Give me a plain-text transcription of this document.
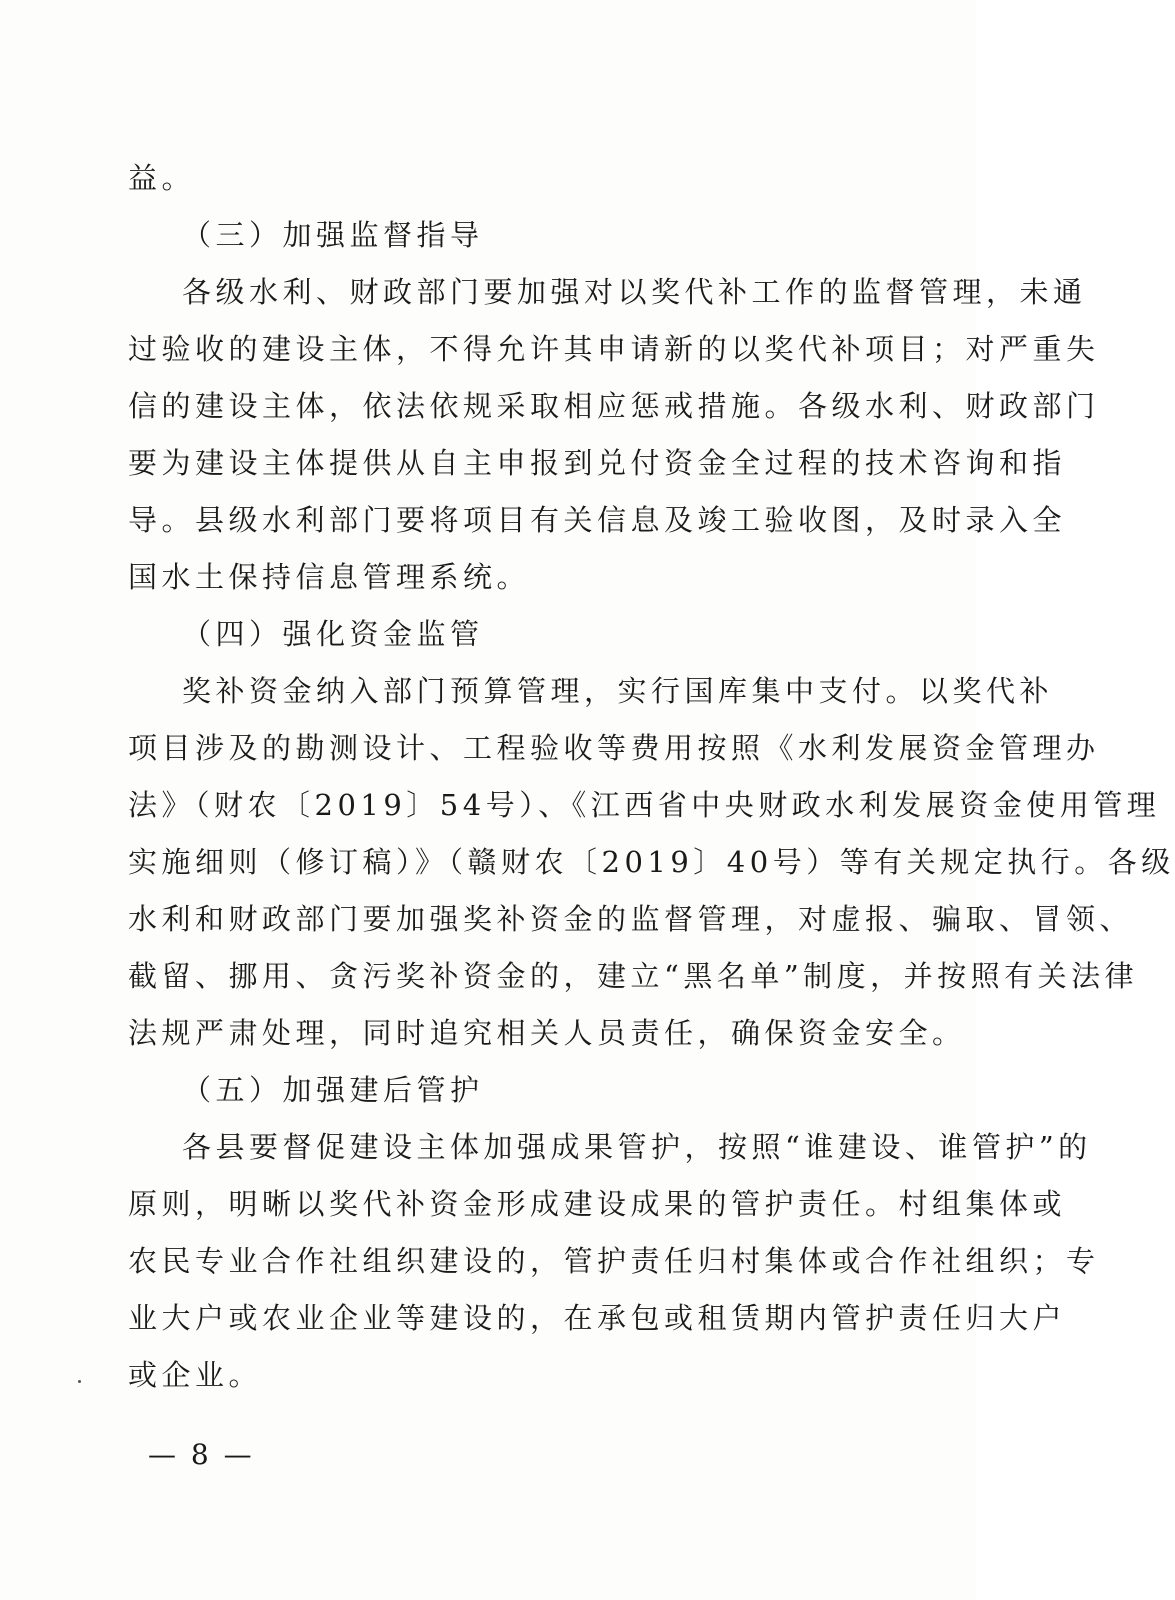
益。
（三）加强监督指导
各级水利、财政部门要加强对以奖代补工作的监督管理，未通
过验收的建设主体，不得允许其申请新的以奖代补项目；对严重失
信的建设主体，依法依规采取相应惩戒措施。各级水利、财政部门
要为建设主体提供从自主申报到兑付资金全过程的技术咨询和指
导。县级水利部门要将项目有关信息及竣工验收图，及时录入全
国水土保持信息管理系统。
（四）强化资金监管
奖补资金纳入部门预算管理，实行国库集中支付。以奖代补
项目涉及的勘测设计、工程验收等费用按照《水利发展资金管理办
法》（财农〔2019〕54号）、《江西省中央财政水利发展资金使用管理
实施细则（修订稿）》（赣财农〔2019〕40号）等有关规定执行。各级
水利和财政部门要加强奖补资金的监督管理，对虚报、骗取、冒领、
截留、挪用、贪污奖补资金的，建立“黑名单”制度，并按照有关法律
法规严肃处理，同时追究相关人员责任，确保资金安全。
（五）加强建后管护
各县要督促建设主体加强成果管护，按照“谁建设、谁管护”的
原则，明晰以奖代补资金形成建设成果的管护责任。村组集体或
农民专业合作社组织建设的，管护责任归村集体或合作社组织；专
业大户或农业企业等建设的，在承包或租赁期内管护责任归大户
或企业。
— 8 —
